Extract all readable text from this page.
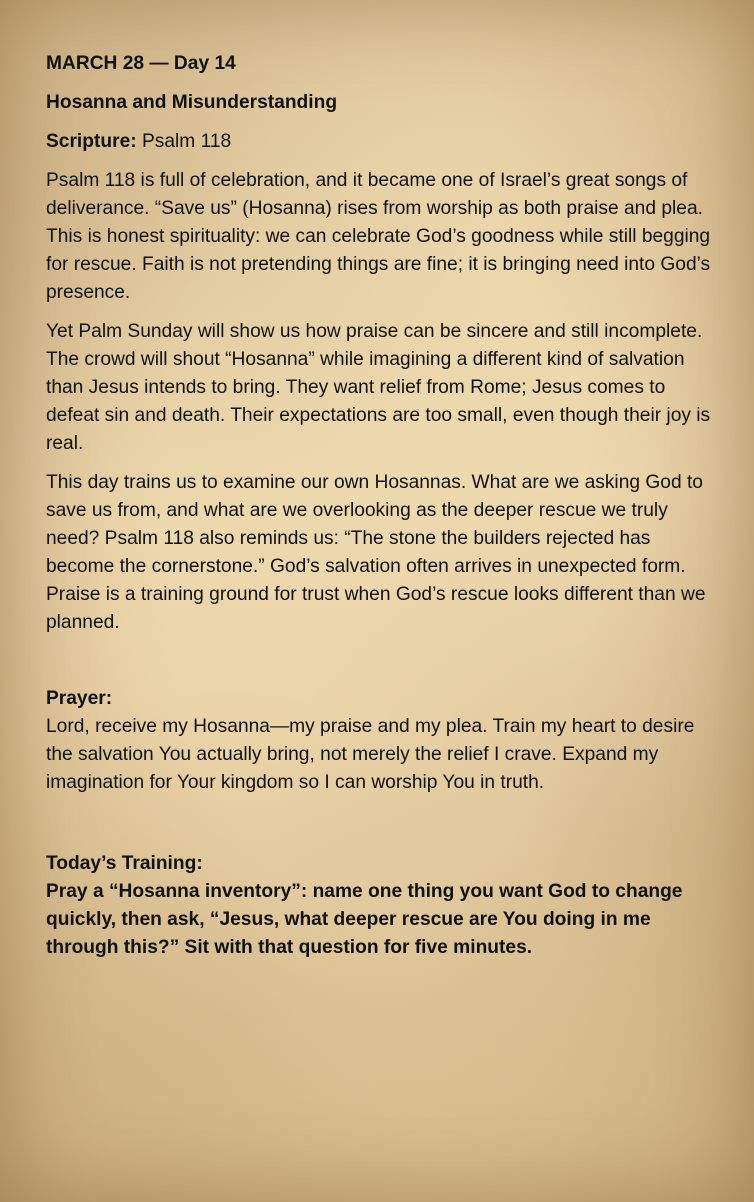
MARCH 28 — Day 14

Hosanna and Misunderstanding

Scripture: Psalm 118

Psalm 118 is full of celebration, and it became one of Israel’s great songs of deliverance. “Save us” (Hosanna) rises from worship as both praise and plea. This is honest spirituality: we can celebrate God’s goodness while still begging for rescue. Faith is not pretending things are fine; it is bringing need into God’s presence.

Yet Palm Sunday will show us how praise can be sincere and still incomplete. The crowd will shout “Hosanna” while imagining a different kind of salvation than Jesus intends to bring. They want relief from Rome; Jesus comes to defeat sin and death. Their expectations are too small, even though their joy is real.

This day trains us to examine our own Hosannas. What are we asking God to save us from, and what are we overlooking as the deeper rescue we truly need? Psalm 118 also reminds us: “The stone the builders rejected has become the cornerstone.” God’s salvation often arrives in unexpected form. Praise is a training ground for trust when God’s rescue looks different than we planned.

Prayer:

Lord, receive my Hosanna—my praise and my plea. Train my heart to desire the salvation You actually bring, not merely the relief I crave. Expand my imagination for Your kingdom so I can worship You in truth.

Today’s Training:

Pray a “Hosanna inventory”: name one thing you want God to change quickly, then ask, “Jesus, what deeper rescue are You doing in me through this?” Sit with that question for five minutes.
